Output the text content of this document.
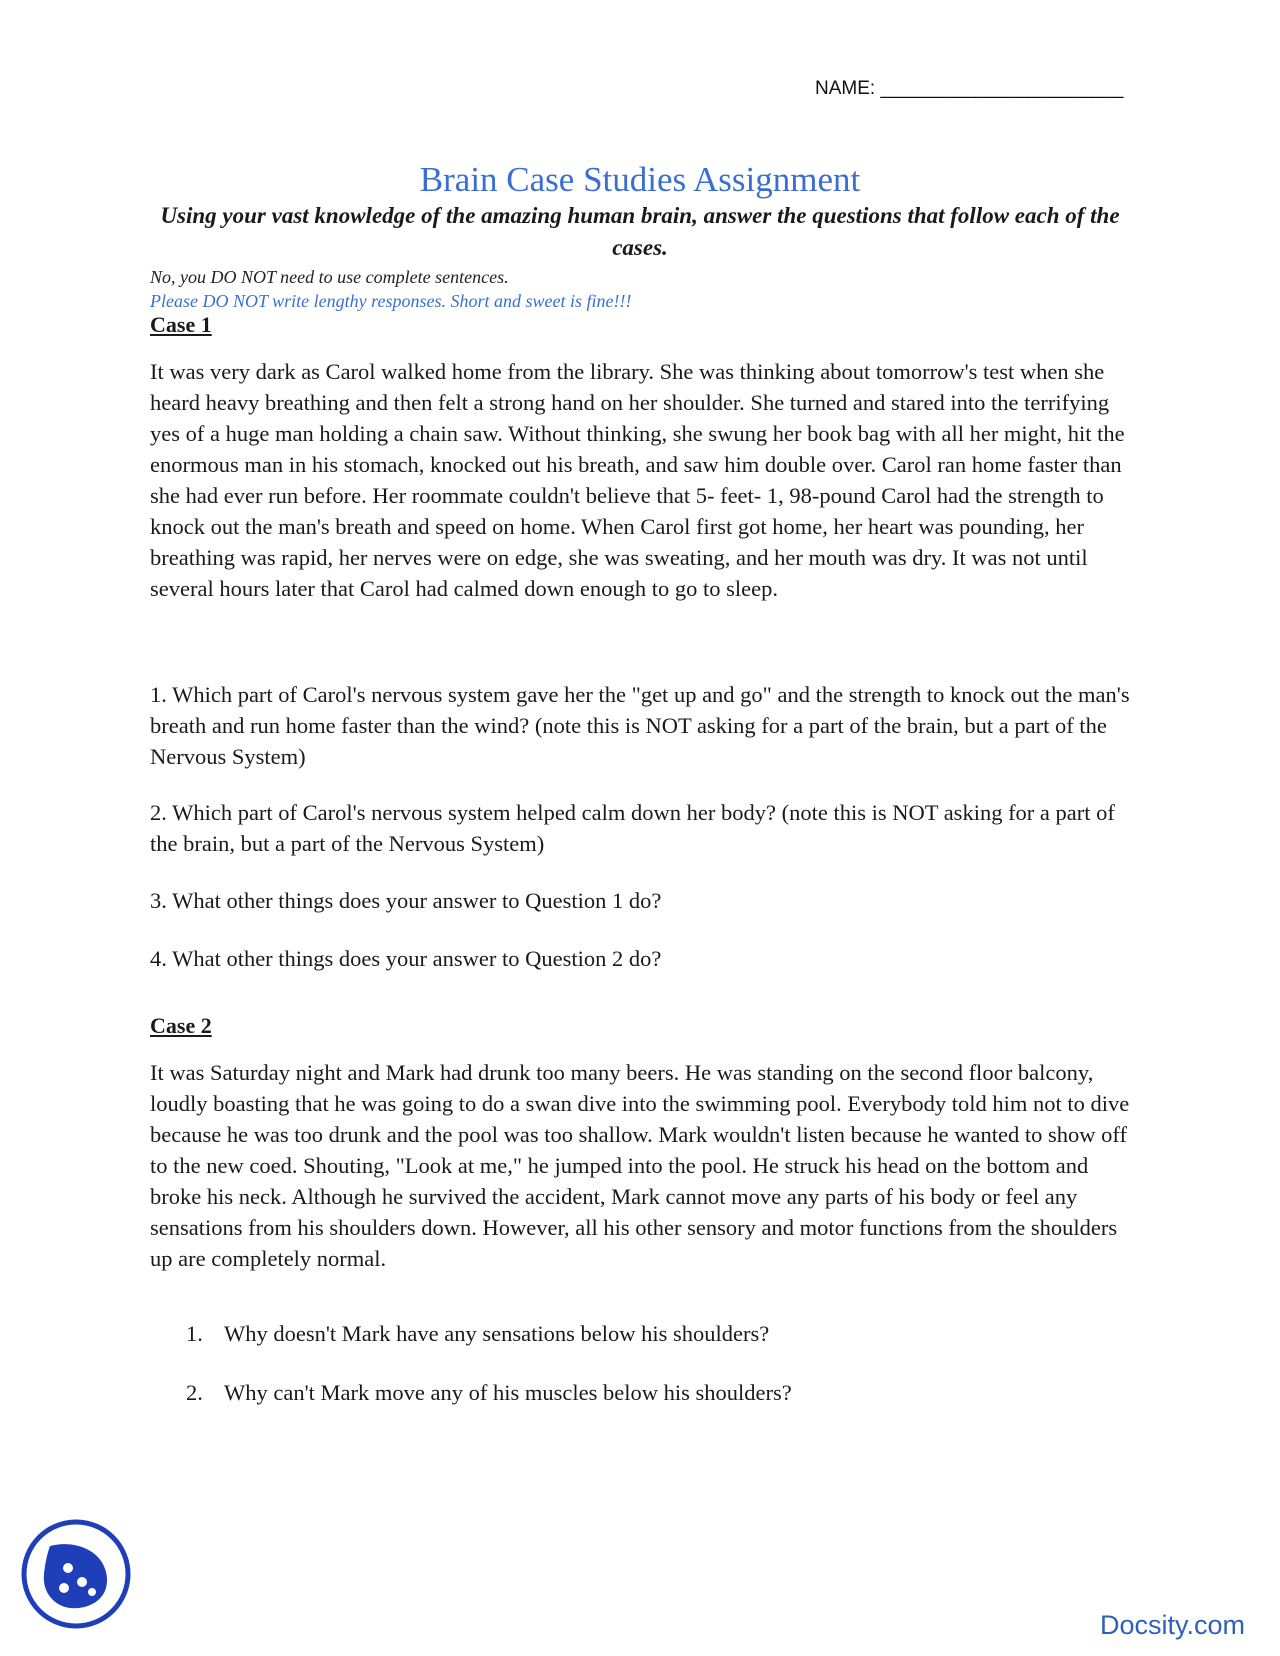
NAME: _______________________
Brain Case Studies Assignment
Using your vast knowledge of the amazing human brain, answer the questions that follow each of the cases.
No, you DO NOT need to use complete sentences.
Please DO NOT write lengthy responses. Short and sweet is fine!!!
Case 1
It was very dark as Carol walked home from the library. She was thinking about tomorrow's test when she heard heavy breathing and then felt a strong hand on her shoulder. She turned and stared into the terrifying yes of a huge man holding a chain saw. Without thinking, she swung her book bag with all her might, hit the enormous man in his stomach, knocked out his breath, and saw him double over. Carol ran home faster than she had ever run before. Her roommate couldn't believe that 5- feet- 1, 98-pound Carol had the strength to knock out the man's breath and speed on home. When Carol first got home, her heart was pounding, her breathing was rapid, her nerves were on edge, she was sweating, and her mouth was dry. It was not until several hours later that Carol had calmed down enough to go to sleep.
1. Which part of Carol's nervous system gave her the "get up and go" and the strength to knock out the man's breath and run home faster than the wind? (note this is NOT asking for a part of the brain, but a part of the Nervous System)
2. Which part of Carol's nervous system helped calm down her body? (note this is NOT asking for a part of the brain, but a part of the Nervous System)
3. What other things does your answer to Question 1 do?
4. What other things does your answer to Question 2 do?
Case 2
It was Saturday night and Mark had drunk too many beers. He was standing on the second floor balcony, loudly boasting that he was going to do a swan dive into the swimming pool. Everybody told him not to dive because he was too drunk and the pool was too shallow. Mark wouldn't listen because he wanted to show off to the new coed. Shouting, "Look at me," he jumped into the pool. He struck his head on the bottom and broke his neck. Although he survived the accident, Mark cannot move any parts of his body or feel any sensations from his shoulders down. However, all his other sensory and motor functions from the shoulders up are completely normal.
1. Why doesn't Mark have any sensations below his shoulders?
2. Why can't Mark move any of his muscles below his shoulders?
Docsity.com
